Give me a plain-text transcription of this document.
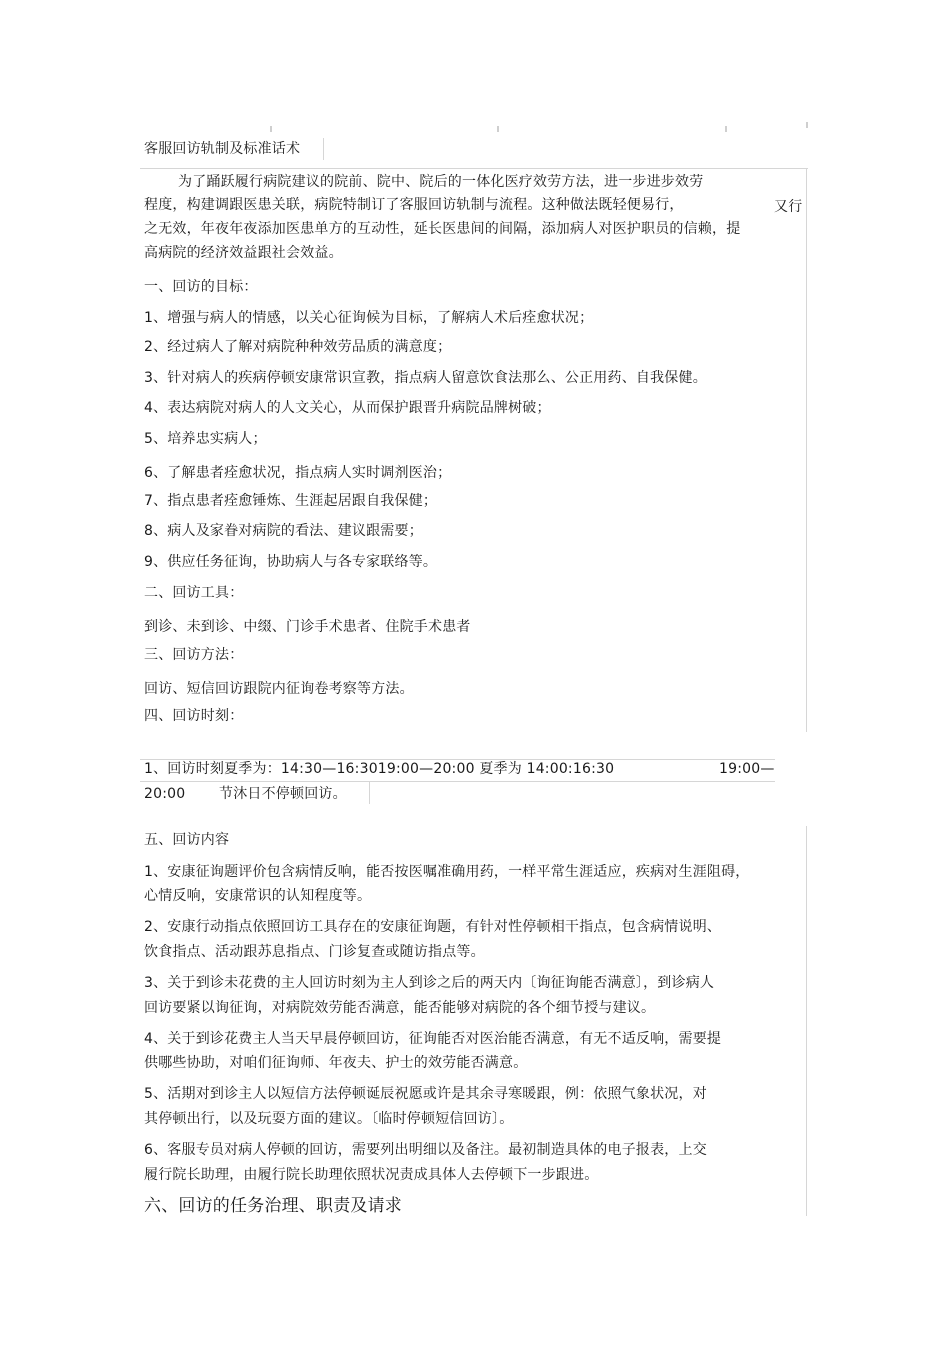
客服回访轨制及标准话术
为了踊跃履行病院建议的院前、院中、院后的一体化医疗效劳方法，进一步进步效劳
程度，构建调跟医患关联，病院特制订了客服回访轨制与流程。这种做法既轻便易行，	又行
之无效，年夜年夜添加医患单方的互动性，延长医患间的间隔，添加病人对医护职员的信赖，提
高病院的经济效益跟社会效益。
一、回访的目标：
1、增强与病人的情感，以关心征询候为目标，了解病人术后痊愈状况；
2、经过病人了解对病院种种效劳品质的满意度；
3、针对病人的疾病停顿安康常识宣教，指点病人留意饮食法那么、公正用药、自我保健。
4、表达病院对病人的人文关心，从而保护跟晋升病院品牌树破；
5、培养忠实病人；
6、了解患者痊愈状况，指点病人实时调剂医治；
7、指点患者痊愈锤炼、生涯起居跟自我保健；
8、病人及家眷对病院的看法、建议跟需要；
9、供应任务征询，协助病人与各专家联络等。
二、回访工具：
到诊、未到诊、中缀、门诊手术患者、住院手术患者
三、回访方法：
回访、短信回访跟院内征询卷考察等方法。
四、回访时刻：
1、回访时刻夏季为：14:30—16:3019:00—20:00 夏季为 14:00:16:30	19:00—
20:00 节沐日不停顿回访。
五、回访内容
1、安康征询题评价包含病情反响，能否按医嘱准确用药，一样平常生涯适应，疾病对生涯阻碍，
心情反响，安康常识的认知程度等。
2、安康行动指点依照回访工具存在的安康征询题，有针对性停顿相干指点，包含病情说明、
饮食指点、活动跟苏息指点、门诊复查或随访指点等。
3、关于到诊未花费的主人回访时刻为主人到诊之后的两天内〔询征询能否满意〕，到诊病人
回访要紧以询征询，对病院效劳能否满意，能否能够对病院的各个细节授与建议。
4、关于到诊花费主人当天早晨停顿回访，征询能否对医治能否满意，有无不适反响，需要提
供哪些协助，对咱们征询师、年夜夫、护士的效劳能否满意。
5、活期对到诊主人以短信方法停顿诞辰祝愿或许是其余寻寒暖跟，例：依照气象状况，对
其停顿出行，以及玩耍方面的建议。〔临时停顿短信回访〕。
6、客服专员对病人停顿的回访，需要列出明细以及备注。最初制造具体的电子报表，上交
履行院长助理，由履行院长助理依照状况责成具体人去停顿下一步跟进。
六、回访的任务治理、职责及请求
